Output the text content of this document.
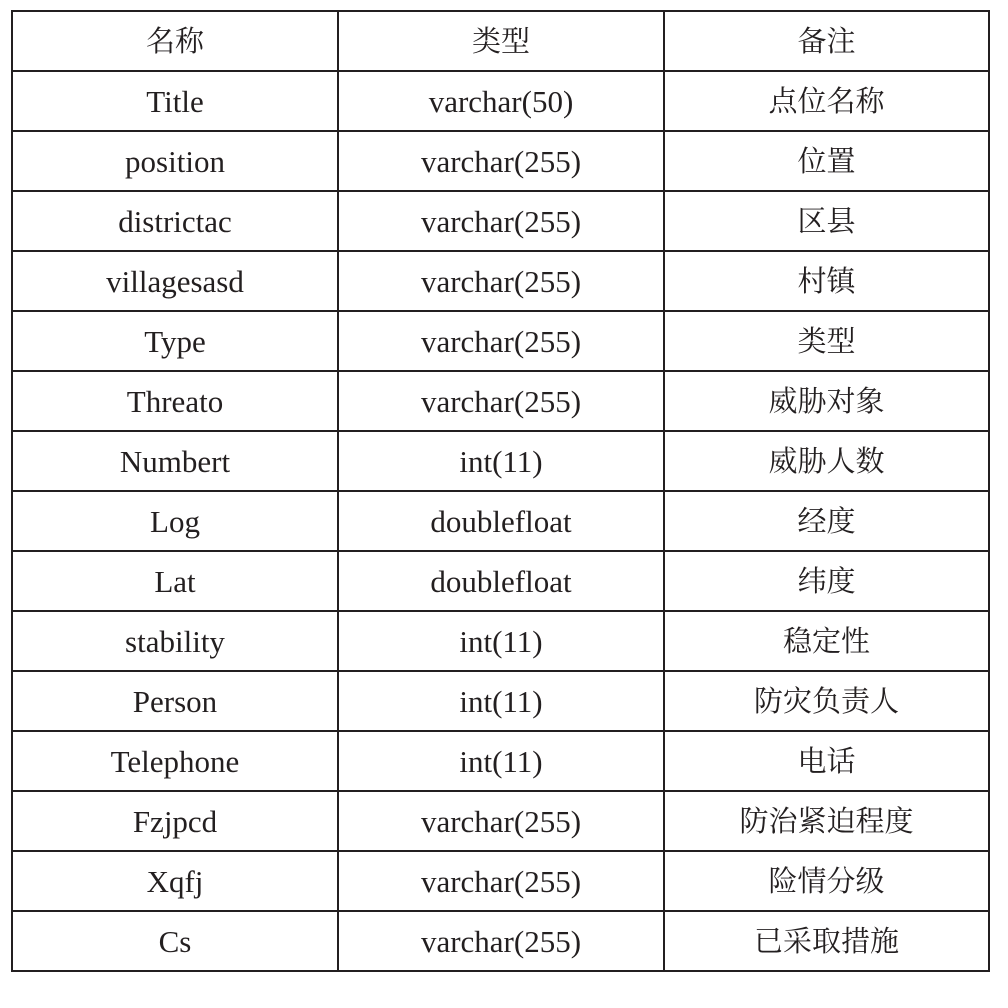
名称	类型	备注
Title	varchar(50)	点位名称
position	varchar(255)	位置
districtac	varchar(255)	区县
villagesasd	varchar(255)	村镇
Type	varchar(255)	类型
Threato	varchar(255)	威胁对象
Numbert	int(11)	威胁人数
Log	doublefloat	经度
Lat	doublefloat	纬度
stability	int(11)	稳定性
Person	int(11)	防灾负责人
Telephone	int(11)	电话
Fzjpcd	varchar(255)	防治紧迫程度
Xqfj	varchar(255)	险情分级
Cs	varchar(255)	已采取措施
